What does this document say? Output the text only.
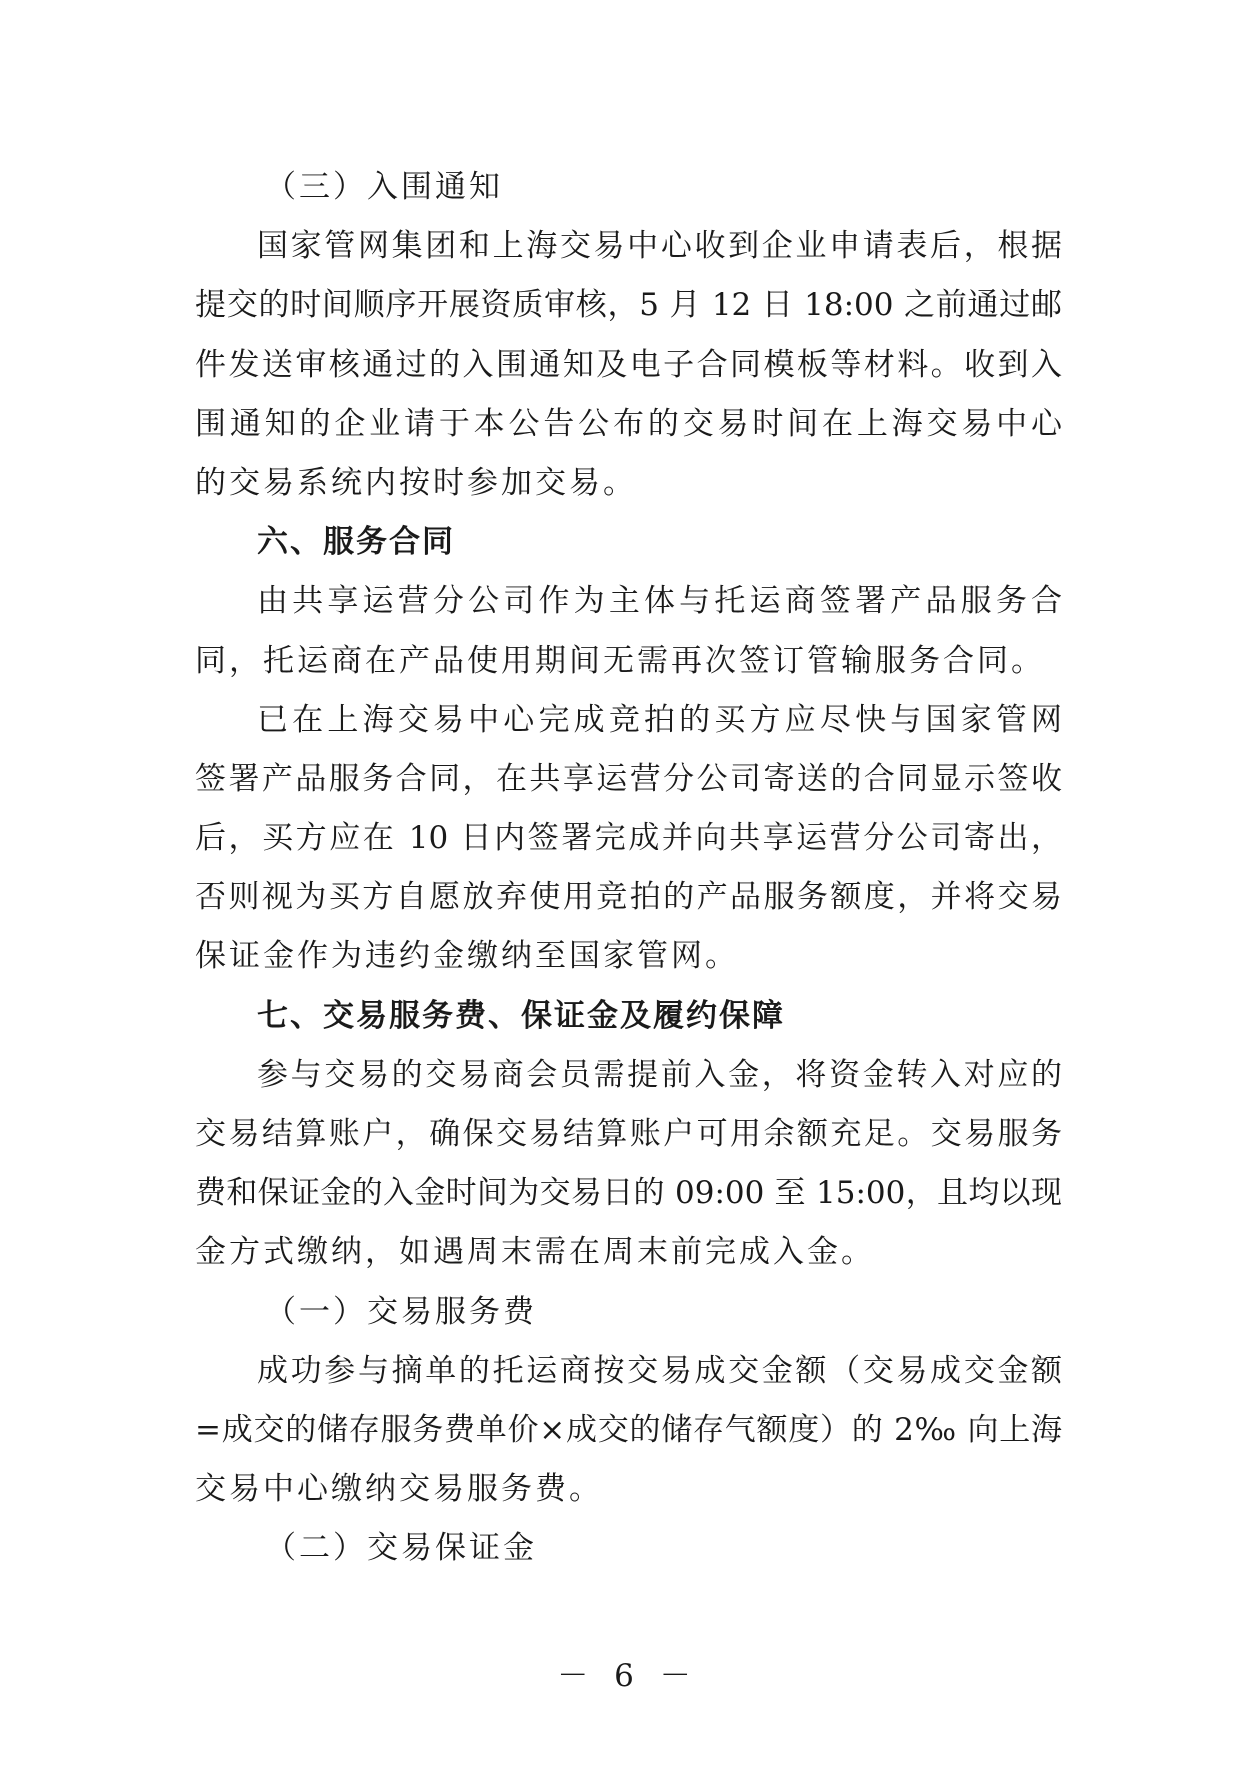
（三）入围通知
国家管网集团和上海交易中心收到企业申请表后，根据
提交的时间顺序开展资质审核，5 月 12 日 18:00 之前通过邮
件发送审核通过的入围通知及电子合同模板等材料。收到入
围通知的企业请于本公告公布的交易时间在上海交易中心
的交易系统内按时参加交易。
六、服务合同
由共享运营分公司作为主体与托运商签署产品服务合
同，托运商在产品使用期间无需再次签订管输服务合同。
已在上海交易中心完成竞拍的买方应尽快与国家管网
签署产品服务合同，在共享运营分公司寄送的合同显示签收
后，买方应在 10 日内签署完成并向共享运营分公司寄出，
否则视为买方自愿放弃使用竞拍的产品服务额度，并将交易
保证金作为违约金缴纳至国家管网。
七、交易服务费、保证金及履约保障
参与交易的交易商会员需提前入金，将资金转入对应的
交易结算账户，确保交易结算账户可用余额充足。交易服务
费和保证金的入金时间为交易日的 09:00 至 15:00，且均以现
金方式缴纳，如遇周末需在周末前完成入金。
（一）交易服务费
成功参与摘单的托运商按交易成交金额（交易成交金额
=成交的储存服务费单价×成交的储存气额度）的 2‰ 向上海
交易中心缴纳交易服务费。
（二）交易保证金
－ 6 －
